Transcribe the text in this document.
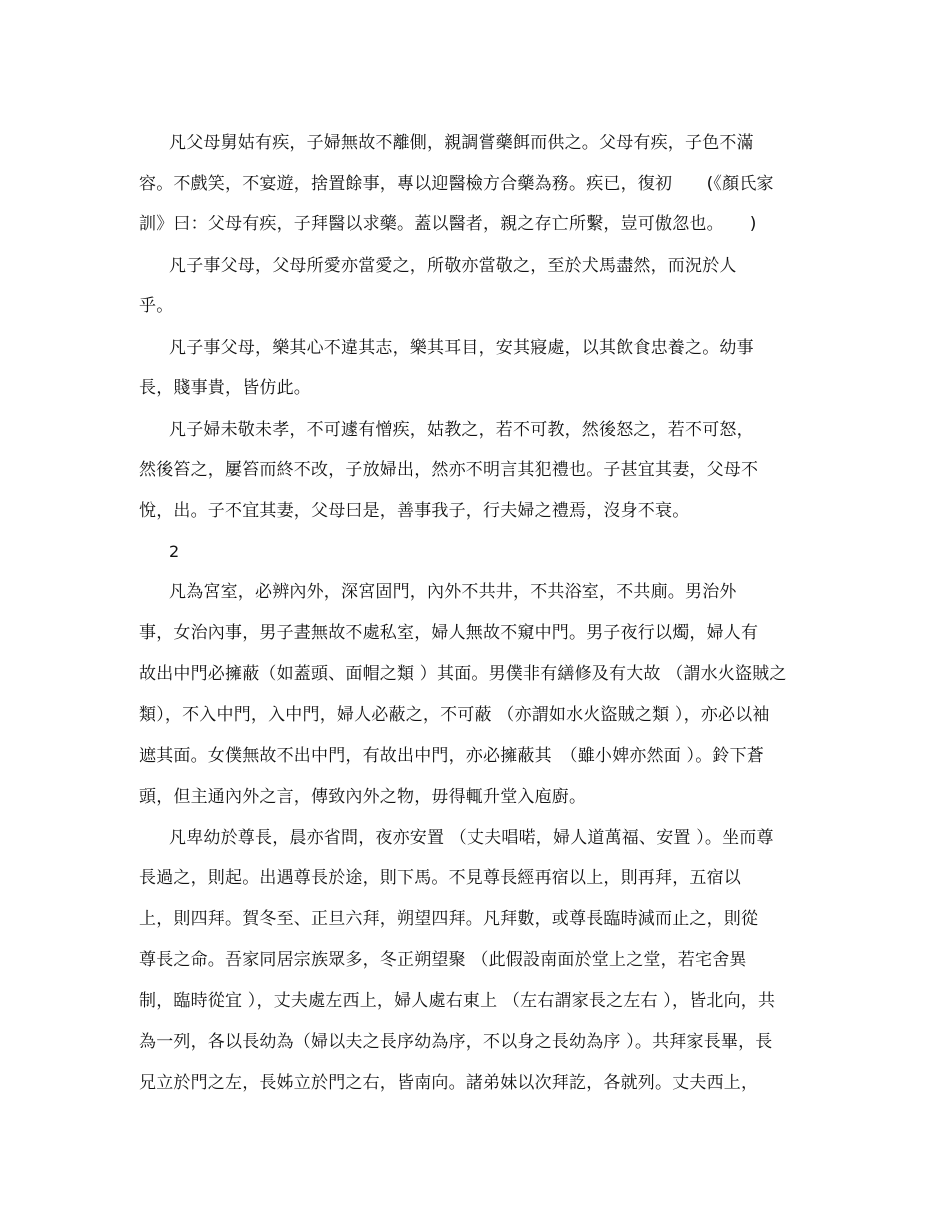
凡父母舅姑有疾，子婦無故不離側，親調嘗藥餌而供之。父母有疾，子色不滿
容。不戲笑，不宴遊，捨置餘事，專以迎醫檢方合藥為務。疾已，復初　　(《顏氏家
訓》曰：父母有疾，子拜醫以求藥。蓋以醫者，親之存亡所繫，豈可傲忽也。　　)
凡子事父母，父母所愛亦當愛之，所敬亦當敬之，至於犬馬盡然，而況於人
乎。
凡子事父母，樂其心不違其志，樂其耳目，安其寢處，以其飲食忠養之。幼事
長，賤事貴，皆仿此。
凡子婦未敬未孝，不可遽有憎疾，姑教之，若不可教，然後怒之，若不可怒，
然後笞之，屢笞而終不改，子放婦出，然亦不明言其犯禮也。子甚宜其妻，父母不
悅，出。子不宜其妻，父母曰是，善事我子，行夫婦之禮焉，沒身不衰。
2
凡為宮室，必辨內外，深宮固門，內外不共井，不共浴室，不共廁。男治外
事，女治內事，男子晝無故不處私室，婦人無故不窺中門。男子夜行以燭，婦人有
故出中門必擁蔽（如蓋頭、面帽之類 ）其面。男僕非有繕修及有大故 （謂水火盜賊之
類），不入中門，入中門，婦人必蔽之，不可蔽 （亦謂如水火盜賊之類 ），亦必以袖
遮其面。女僕無故不出中門，有故出中門，亦必擁蔽其　（雖小婢亦然面 ）。鈴下蒼
頭，但主通內外之言，傳致內外之物，毋得輒升堂入庖廚。
凡卑幼於尊長，晨亦省問，夜亦安置 （丈夫唱喏，婦人道萬福、安置 ）。坐而尊
長過之，則起。出遇尊長於途，則下馬。不見尊長經再宿以上，則再拜，五宿以
上，則四拜。賀冬至、正旦六拜，朔望四拜。凡拜數，或尊長臨時減而止之，則從
尊長之命。吾家同居宗族眾多，冬正朔望聚 （此假設南面於堂上之堂，若宅舍異
制，臨時從宜 ），丈夫處左西上，婦人處右東上 （左右謂家長之左右 ），皆北向，共
為一列，各以長幼為（婦以夫之長序幼為序，不以身之長幼為序 ）。共拜家長畢，長
兄立於門之左，長姊立於門之右，皆南向。諸弟妹以次拜訖，各就列。丈夫西上，
